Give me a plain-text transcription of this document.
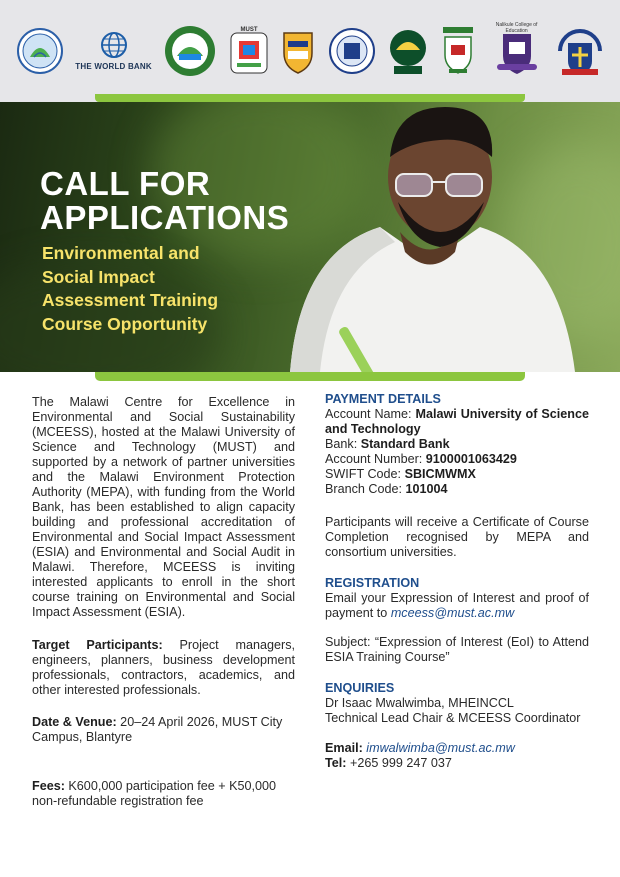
THE WORLD BANK
MUST
Nalikule College of Education
CALL FOR
APPLICATIONS
Environmental and
Social Impact
Assessment Training
Course Opportunity

The Malawi Centre for Excellence in Environmental and Social Sustainability (MCEESS), hosted at the Malawi University of Science and Technology (MUST) and supported by a network of partner universities and the Malawi Environment Protection Authority (MEPA), with funding from the World Bank, has been established to align capacity building and professional accreditation of Environmental and Social Impact Assessment (ESIA) and Environmental and Social Audit in Malawi. Therefore, MCEESS is inviting interested applicants to enroll in the short course training on Environmental and Social Impact Assessment (ESIA).

Target Participants: Project managers, engineers, planners, business development professionals, contractors, academics, and other interested professionals.

Date & Venue: 20–24 April 2026, MUST City Campus, Blantyre

Fees: K600,000 participation fee + K50,000 non-refundable registration fee

PAYMENT DETAILS
Account Name: Malawi University of Science and Technology
Bank: Standard Bank
Account Number: 9100001063429
SWIFT Code: SBICMWMX
Branch Code: 101004

Participants will receive a Certificate of Course Completion recognised by MEPA and consortium universities.

REGISTRATION

Email your Expression of Interest and proof of payment to mceess@must.ac.mw

Subject: “Expression of Interest (EoI) to Attend ESIA Training Course”

ENQUIRIES
Dr Isaac Mwalwimba, MHEINCCL
Technical Lead Chair & MCEESS Coordinator
Email: imwalwimba@must.ac.mw
Tel: +265 999 247 037
